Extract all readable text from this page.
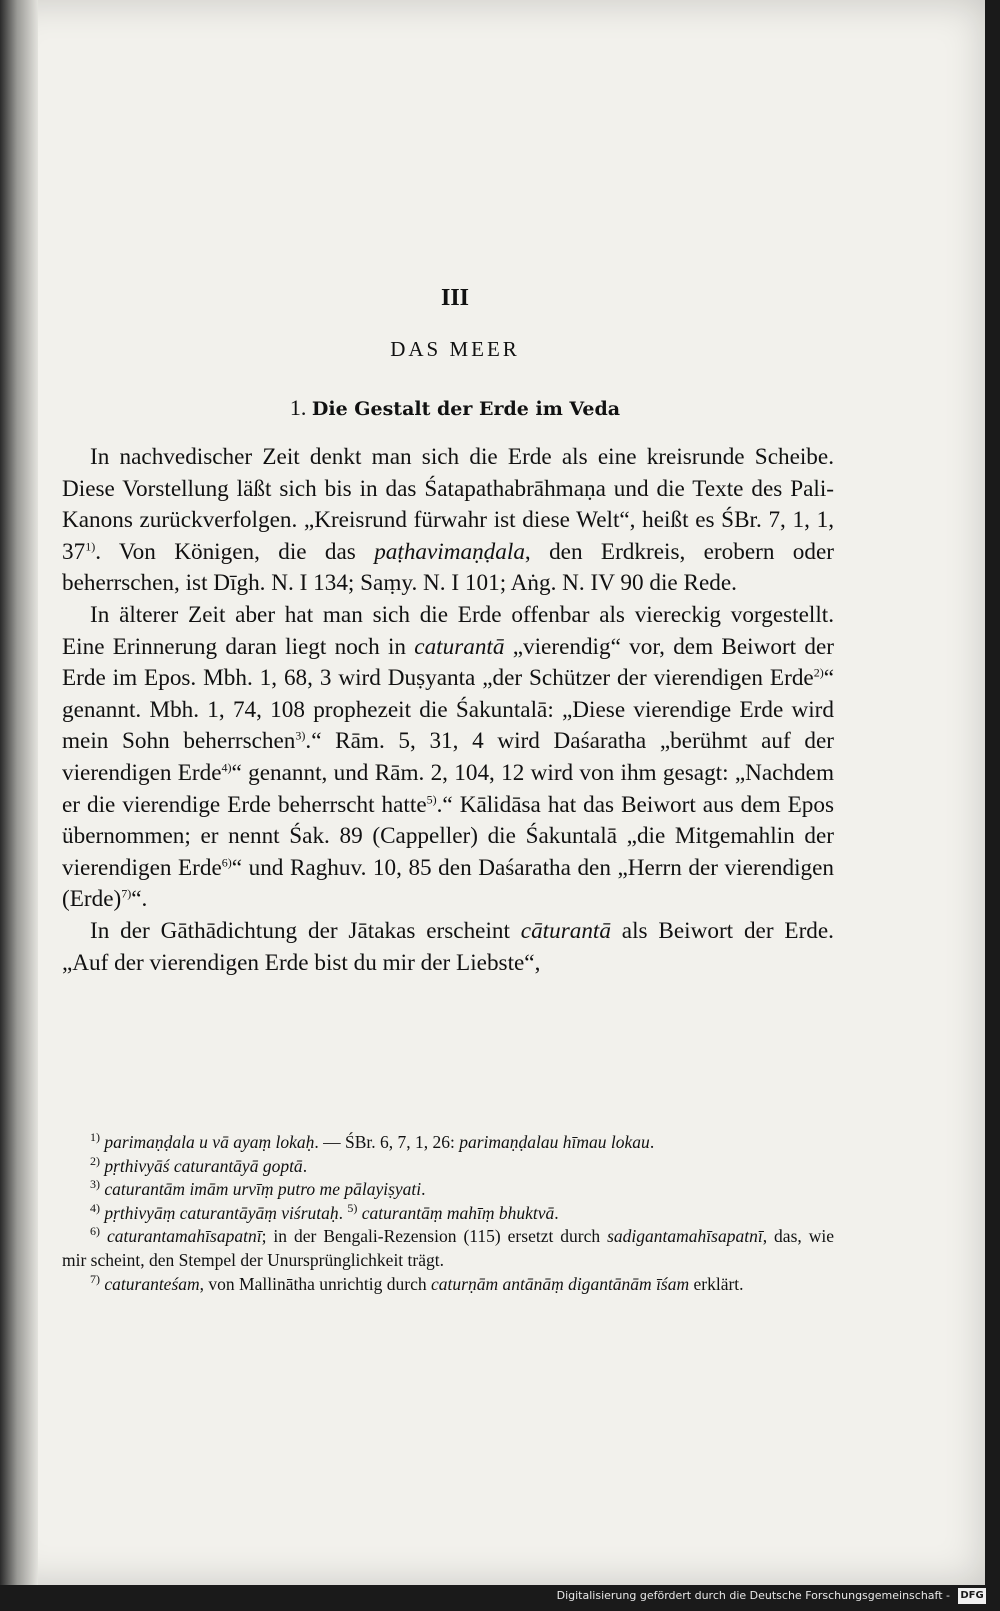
III
DAS MEER
1. Die Gestalt der Erde im Veda

In nachvedischer Zeit denkt man sich die Erde als eine kreisrunde Scheibe. Diese Vorstellung läßt sich bis in das Śatapathabrāhmaṇa und die Texte des Pali-Kanons zurückverfolgen. „Kreisrund fürwahr ist diese Welt“, heißt es ŚBr. 7, 1, 1, 37$^{1)}$. Von Königen, die das paṭhavimaṇḍala, den Erdkreis, erobern oder beherrschen, ist Dīgh. N. I 134; Saṃy. N. I 101; Aṅg. N. IV 90 die Rede.

In älterer Zeit aber hat man sich die Erde offenbar als viereckig vorgestellt. Eine Erinnerung daran liegt noch in caturantā „vierendig“ vor, dem Beiwort der Erde im Epos. Mbh. 1, 68, 3 wird Duṣyanta „der Schützer der vierendigen Erde$^{2)}$“ genannt. Mbh. 1, 74, 108 prophezeit die Śakuntalā: „Diese vierendige Erde wird mein Sohn beherrschen$^{3)}$.“ Rām. 5, 31, 4 wird Daśaratha „berühmt auf der vierendigen Erde$^{4)}$“ genannt, und Rām. 2, 104, 12 wird von ihm gesagt: „Nachdem er die vierendige Erde beherrscht hatte$^{5)}$.“ Kālidāsa hat das Beiwort aus dem Epos übernommen; er nennt Śak. 89 (Cappeller) die Śakuntalā „die Mitgemahlin der vierendigen Erde$^{6)}$“ und Raghuv. 10, 85 den Daśaratha den „Herrn der vierendigen (Erde)$^{7)}$“.

In der Gāthādichtung der Jātakas erscheint cāturantā als Beiwort der Erde. „Auf der vierendigen Erde bist du mir der Liebste“,

$^{1)}$ parimaṇḍala u vā ayaṃ lokaḥ. — ŚBr. 6, 7, 1, 26: parimaṇḍalau hīmau lokau.

$^{2)}$ pṛthivyāś caturantāyā goptā.

$^{3)}$ caturantām imām urvīṃ putro me pālayiṣyati.

$^{4)}$ pṛthivyāṃ caturantāyāṃ viśrutaḥ. $^{5)}$ caturantāṃ mahīṃ bhuktvā.

$^{6)}$ caturantamahīsapatnī; in der Bengali-Rezension (115) ersetzt durch sadigantamahīsapatnī, das, wie mir scheint, den Stempel der Unursprünglichkeit trägt.

$^{7)}$ caturanteśam, von Mallinātha unrichtig durch caturṇām antānāṃ digantānām īśam erklärt.

Digitalisierung gefördert durch die Deutsche Forschungsgemeinschaft - DFG
